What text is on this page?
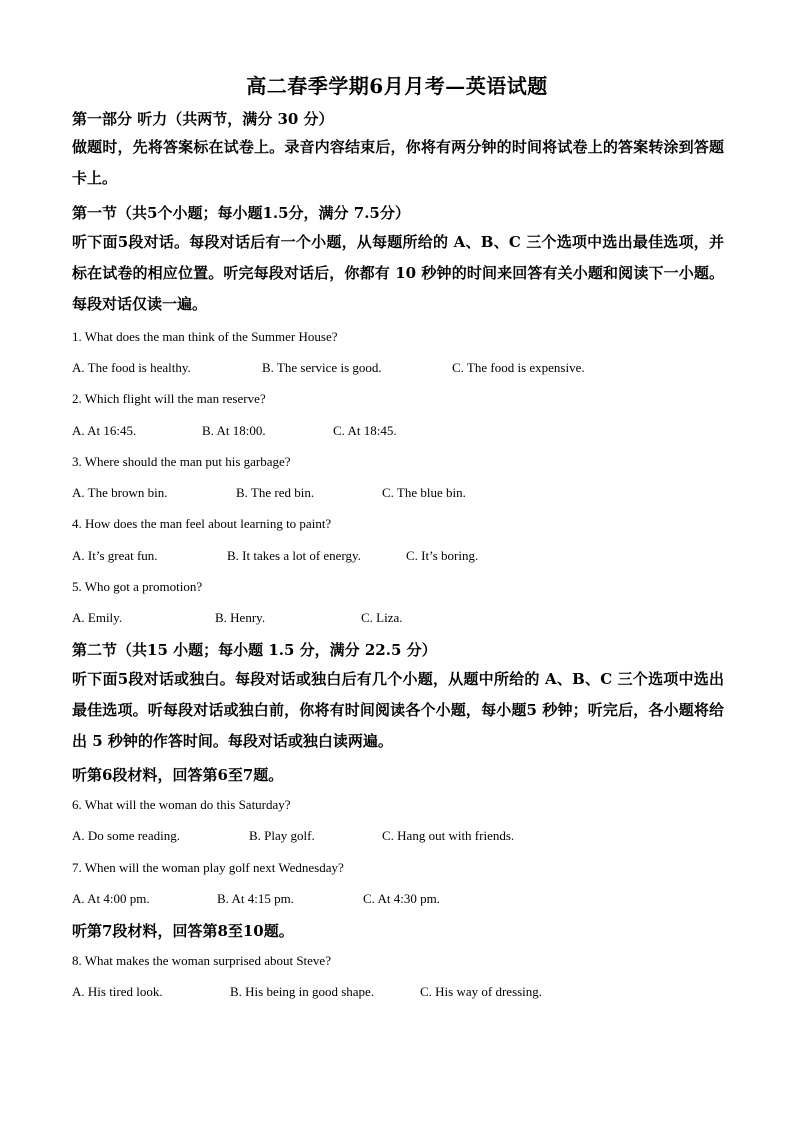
高二春季学期6月月考—英语试题
第一部分 听力（共两节，满分 30 分）
做题时，先将答案标在试卷上。录音内容结束后，你将有两分钟的时间将试卷上的答案转涂到答题卡上。
第一节（共5个小题；每小题1.5分，满分 7.5分）
听下面5段对话。每段对话后有一个小题，从每题所给的 A、B、C 三个选项中选出最佳选项，并标在试卷的相应位置。听完每段对话后，你都有 10 秒钟的时间来回答有关小题和阅读下一小题。每段对话仅读一遍。
1. What does the man think of the Summer House?
A. The food is healthy.	B. The service is good.	C. The food is expensive.
2. Which flight will the man reserve?
A. At 16:45.	B. At 18:00.	C. At 18:45.
3. Where should the man put his garbage?
A. The brown bin.	B. The red bin.	C. The blue bin.
4. How does the man feel about learning to paint?
A. It’s great fun.	B. It takes a lot of energy.	C. It’s boring.
5. Who got a promotion?
A. Emily.	B. Henry.	C. Liza.
第二节（共15 小题；每小题 1.5 分，满分 22.5 分）
听下面5段对话或独白。每段对话或独白后有几个小题，从题中所给的 A、B、C 三个选项中选出最佳选项。听每段对话或独白前，你将有时间阅读各个小题，每小题5 秒钟；听完后，各小题将给出 5 秒钟的作答时间。每段对话或独白读两遍。
听第6段材料，回答第6至7题。
6. What will the woman do this Saturday?
A. Do some reading.	B. Play golf.	C. Hang out with friends.
7. When will the woman play golf next Wednesday?
A. At 4:00 pm.	B. At 4:15 pm.	C. At 4:30 pm.
听第7段材料，回答第8至10题。
8. What makes the woman surprised about Steve?
A. His tired look.	B. His being in good shape.	C. His way of dressing.
